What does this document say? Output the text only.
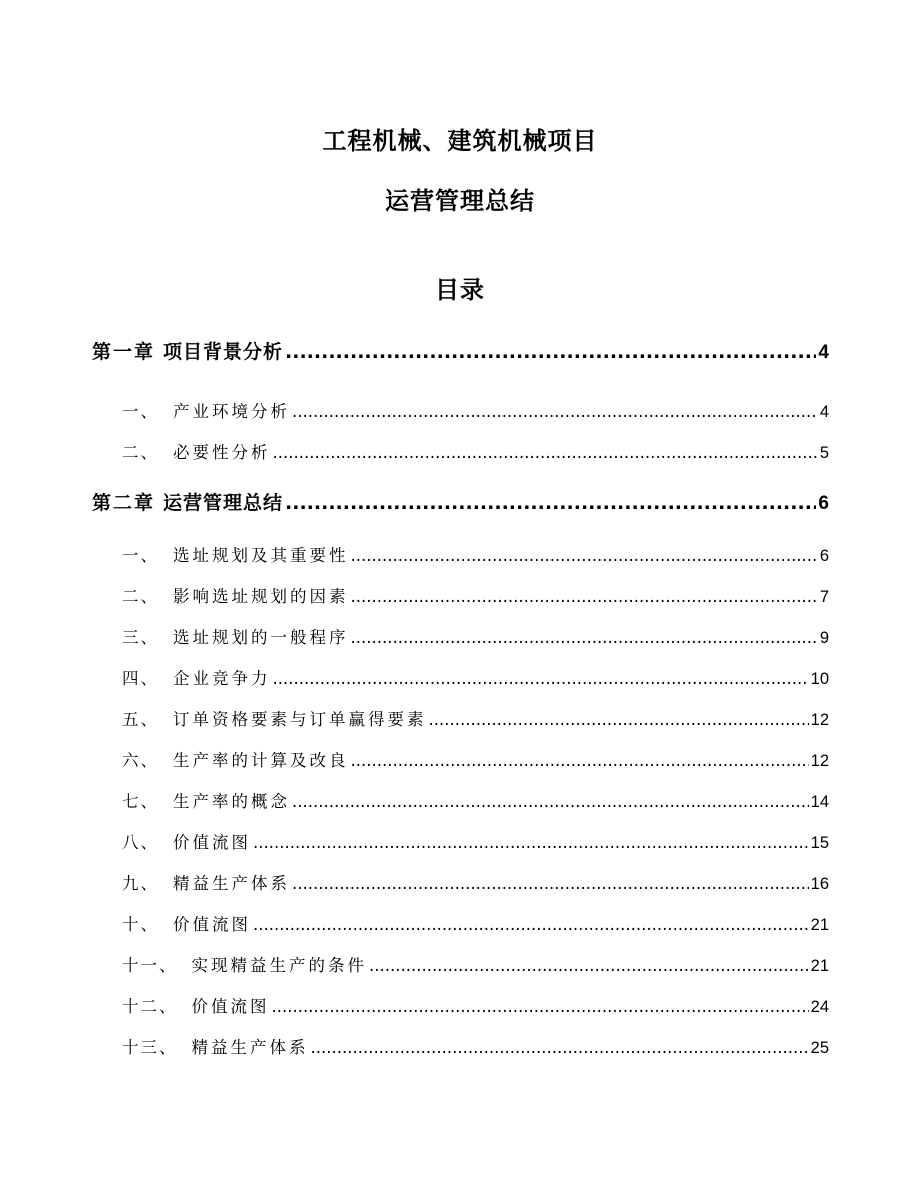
工程机械、建筑机械项目
运营管理总结
目录
第一章 项目背景分析 .....	4
一、 产业环境分析 .....	4
二、 必要性分析 .....	5
第二章 运营管理总结 .....	6
一、 选址规划及其重要性 .....	6
二、 影响选址规划的因素 .....	7
三、 选址规划的一般程序 .....	9
四、 企业竞争力 .....	10
五、 订单资格要素与订单赢得要素 .....	12
六、 生产率的计算及改良 .....	12
七、 生产率的概念 .....	14
八、 价值流图 .....	15
九、 精益生产体系 .....	16
十、 价值流图 .....	21
十一、 实现精益生产的条件 .....	21
十二、 价值流图 .....	24
十三、 精益生产体系 .....	25
